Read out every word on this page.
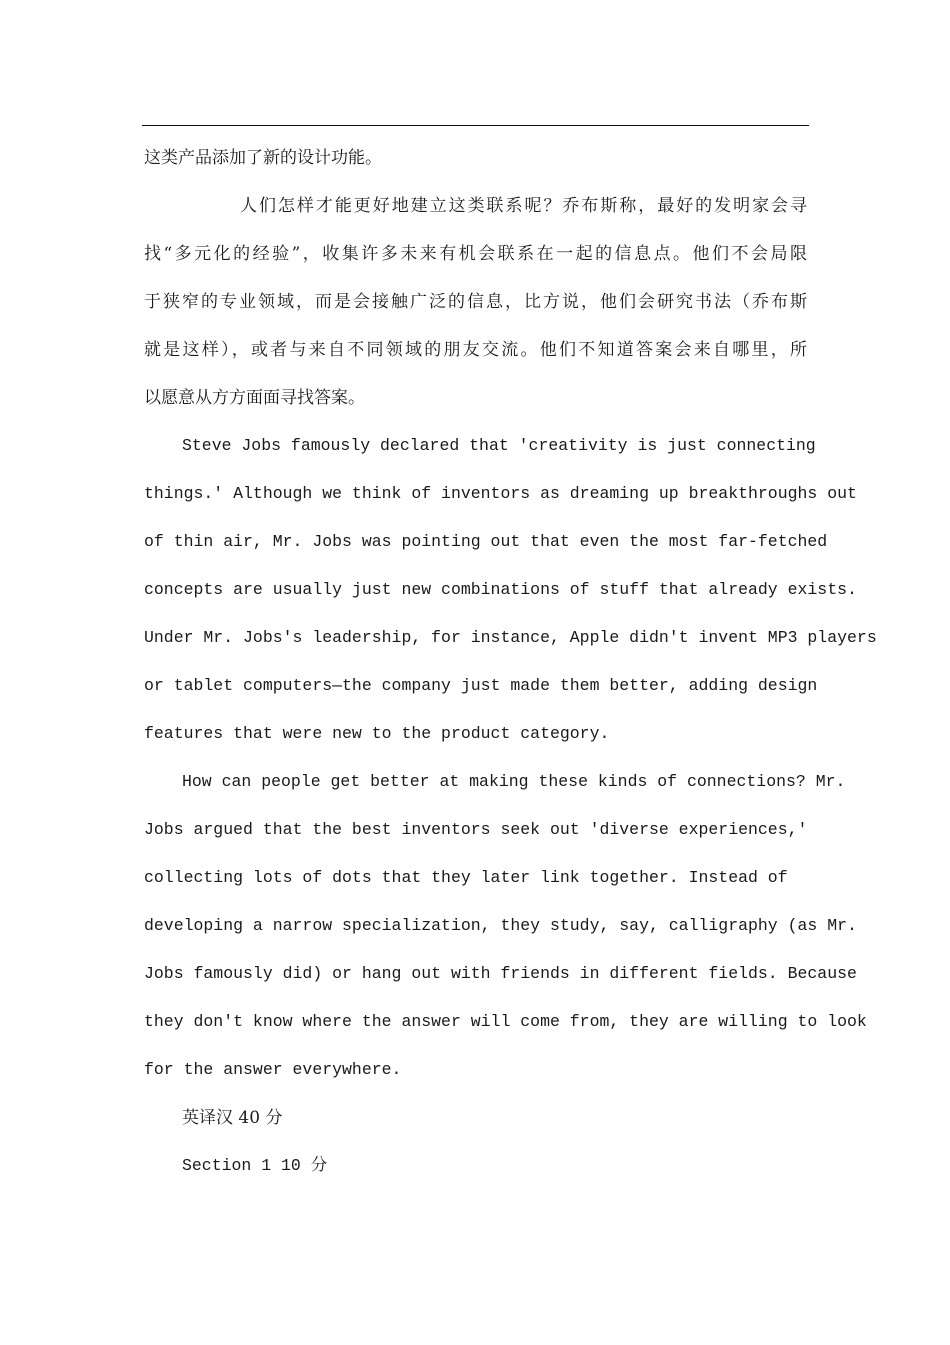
这类产品添加了新的设计功能。
人们怎样才能更好地建立这类联系呢？乔布斯称，最好的发明家会寻
找“多元化的经验”，收集许多未来有机会联系在一起的信息点。他们不会局限
于狭窄的专业领域，而是会接触广泛的信息，比方说，他们会研究书法（乔布斯
就是这样），或者与来自不同领域的朋友交流。他们不知道答案会来自哪里，所
以愿意从方方面面寻找答案。
Steve Jobs famously declared that 'creativity is just connecting
things.' Although we think of inventors as dreaming up breakthroughs out
of thin air, Mr. Jobs was pointing out that even the most far-fetched
concepts are usually just new combinations of stuff that already exists.
Under Mr. Jobs's leadership, for instance, Apple didn't invent MP3 players
or tablet computers—the company just made them better, adding design
features that were new to the product category.
How can people get better at making these kinds of connections? Mr.
Jobs argued that the best inventors seek out 'diverse experiences,'
collecting lots of dots that they later link together. Instead of
developing a narrow specialization, they study, say, calligraphy (as Mr.
Jobs famously did) or hang out with friends in different fields. Because
they don't know where the answer will come from, they are willing to look
for the answer everywhere.
英译汉 40 分
Section 1 10 分
